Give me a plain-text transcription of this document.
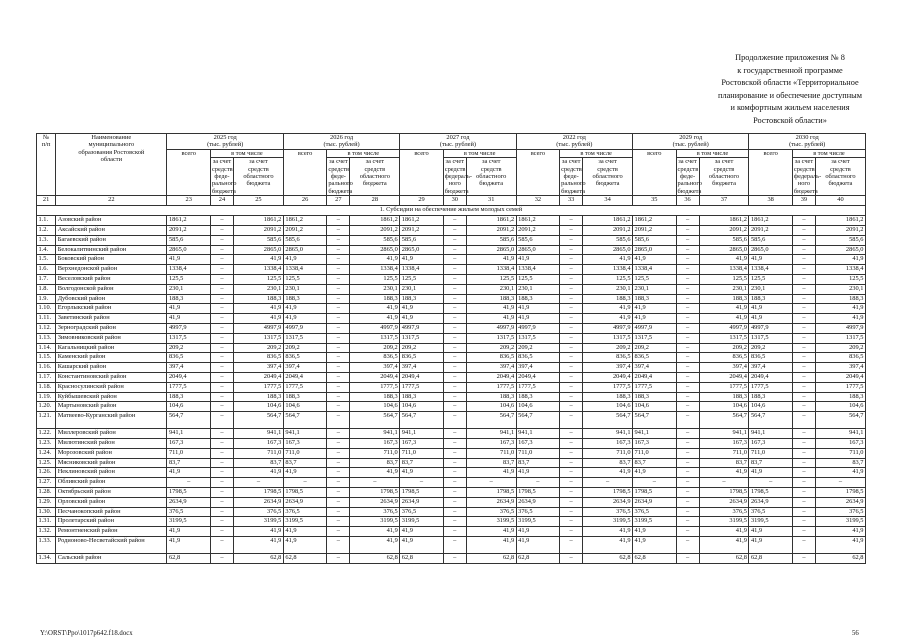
Продолжение приложения № 8
к государственной программе
Ростовской области «Территориальное
планирование и обеспечение доступным
и комфортным жильем населения
Ростовской области»
№
п/п	Наименование
муниципального
образования Ростовской
области	2025 год
(тыс. рублей)			2026 год
(тыс. рублей)			2027 год
(тыс. рублей)			2022 год
(тыс. рублей)			2029 год
(тыс. рублей)			2030 год
(тыс. рублей)		
		всего	в том числе		всего	в том числе		всего	в том числе		всего	в том числе		всего	в том числе		всего	в том числе	
			за счет
средств
феде-
рального
бюджета	за счет
средств
областного
бюджета		за счет
средств
феде-
рального
бюджета	за счет
средств
областного
бюджета		за счет
средств
федераль-
ного
бюджета	за счет
средств
областного
бюджета		за счет
средств
феде-
рального
бюджета	за счет
средств
областного
бюджета		за счет
средств
феде-
рального
бюджета	за счет
средств
областного
бюджета		за счет
средств
федераль-
ного
бюджета	за счет
средств
областного
бюджета
21	22	23	24	25	26	27	28	29	30	31	32	33	34	35	36	37	38	39	40
1. Субсидии на обеспечение жильем молодых семей																			
1.1.	Азовский район	1861,2	–	1861,2	1861,2	–	1861,2	1861,2	–	1861,2	1861,2	–	1861,2	1861,2	–	1861,2	1861,2	–	1861,2
1.2.	Аксайский район	2091,2	–	2091,2	2091,2	–	2091,2	2091,2	–	2091,2	2091,2	–	2091,2	2091,2	–	2091,2	2091,2	–	2091,2
1.3.	Багаевский район	585,6	–	585,6	585,6	–	585,6	585,6	–	585,6	585,6	–	585,6	585,6	–	585,6	585,6	–	585,6
1.4.	Белокалитвинский район	2865,0	–	2865,0	2865,0	–	2865,0	2865,0	–	2865,0	2865,0	–	2865,0	2865,0	–	2865,0	2865,0	–	2865,0
1.5.	Боковский район	41,9	–	41,9	41,9	–	41,9	41,9	–	41,9	41,9	–	41,9	41,9	–	41,9	41,9	–	41,9
1.6.	Верхнедонской район	1338,4	–	1338,4	1338,4	–	1338,4	1338,4	–	1338,4	1338,4	–	1338,4	1338,4	–	1338,4	1338,4	–	1338,4
1.7.	Веселовский район	125,5	–	125,5	125,5	–	125,5	125,5	–	125,5	125,5	–	125,5	125,5	–	125,5	125,5	–	125,5
1.8.	Волгодонской район	230,1	–	230,1	230,1	–	230,1	230,1	–	230,1	230,1	–	230,1	230,1	–	230,1	230,1	–	230,1
1.9.	Дубовский район	188,3	–	188,3	188,3	–	188,3	188,3	–	188,3	188,3	–	188,3	188,3	–	188,3	188,3	–	188,3
1.10.	Егорлыкский район	41,9	–	41,9	41,9	–	41,9	41,9	–	41,9	41,9	–	41,9	41,9	–	41,9	41,9	–	41,9
1.11.	Заветинский район	41,9	–	41,9	41,9	–	41,9	41,9	–	41,9	41,9	–	41,9	41,9	–	41,9	41,9	–	41,9
1.12.	Зерноградский район	4997,9	–	4997,9	4997,9	–	4997,9	4997,9	–	4997,9	4997,9	–	4997,9	4997,9	–	4997,9	4997,9	–	4997,9
1.13.	Зимовниковский район	1317,5	–	1317,5	1317,5	–	1317,5	1317,5	–	1317,5	1317,5	–	1317,5	1317,5	–	1317,5	1317,5	–	1317,5
1.14.	Кагальницкий район	209,2	–	209,2	209,2	–	209,2	209,2	–	209,2	209,2	–	209,2	209,2	–	209,2	209,2	–	209,2
1.15.	Каменский район	836,5	–	836,5	836,5	–	836,5	836,5	–	836,5	836,5	–	836,5	836,5	–	836,5	836,5	–	836,5
1.16.	Кашарский район	397,4	–	397,4	397,4	–	397,4	397,4	–	397,4	397,4	–	397,4	397,4	–	397,4	397,4	–	397,4
1.17.	Константиновский район	2049,4	–	2049,4	2049,4	–	2049,4	2049,4	–	2049,4	2049,4	–	2049,4	2049,4	–	2049,4	2049,4	–	2049,4
1.18.	Красносулинский район	1777,5	–	1777,5	1777,5	–	1777,5	1777,5	–	1777,5	1777,5	–	1777,5	1777,5	–	1777,5	1777,5	–	1777,5
1.19.	Куйбышевский район	188,3	–	188,3	188,3	–	188,3	188,3	–	188,3	188,3	–	188,3	188,3	–	188,3	188,3	–	188,3
1.20.	Мартыновский район	104,6	–	104,6	104,6	–	104,6	104,6	–	104,6	104,6	–	104,6	104,6	–	104,6	104,6	–	104,6
1.21.	Матвеево-Курганский район	564,7	–	564,7	564,7	–	564,7	564,7	–	564,7	564,7	–	564,7	564,7	–	564,7	564,7	–	564,7
1.22.	Миллеровский район	941,1	–	941,1	941,1	–	941,1	941,1	–	941,1	941,1	–	941,1	941,1	–	941,1	941,1	–	941,1
1.23.	Милютинский район	167,3	–	167,3	167,3	–	167,3	167,3	–	167,3	167,3	–	167,3	167,3	–	167,3	167,3	–	167,3
1.24.	Морозовский район	711,0	–	711,0	711,0	–	711,0	711,0	–	711,0	711,0	–	711,0	711,0	–	711,0	711,0	–	711,0
1.25.	Мясниковский район	83,7	–	83,7	83,7	–	83,7	83,7	–	83,7	83,7	–	83,7	83,7	–	83,7	83,7	–	83,7
1.26.	Неклиновский район	41,9	–	41,9	41,9	–	41,9	41,9	–	41,9	41,9	–	41,9	41,9	–	41,9	41,9	–	41,9
1.27.	Обливский район	–	–	–	–	–	–	–	–	–	–	–	–	–	–	–	–	–	–
1.28.	Октябрьский район	1798,5	–	1798,5	1798,5	–	1798,5	1798,5	–	1798,5	1798,5	–	1798,5	1798,5	–	1798,5	1798,5	–	1798,5
1.29.	Орловский район	2634,9	–	2634,9	2634,9	–	2634,9	2634,9	–	2634,9	2634,9	–	2634,9	2634,9	–	2634,9	2634,9	–	2634,9
1.30.	Песчанокопский район	376,5	–	376,5	376,5	–	376,5	376,5	–	376,5	376,5	–	376,5	376,5	–	376,5	376,5	–	376,5
1.31.	Пролетарский район	3199,5	–	3199,5	3199,5	–	3199,5	3199,5	–	3199,5	3199,5	–	3199,5	3199,5	–	3199,5	3199,5	–	3199,5
1.32.	Ремонтненский район	41,9	–	41,9	41,9	–	41,9	41,9	–	41,9	41,9	–	41,9	41,9	–	41,9	41,9	–	41,9
1.33.	Родионово-Несветайский район	41,9	–	41,9	41,9	–	41,9	41,9	–	41,9	41,9	–	41,9	41,9	–	41,9	41,9	–	41,9
1.34.	Сальский район	62,8	–	62,8	62,8	–	62,8	62,8	–	62,8	62,8	–	62,8	62,8	–	62,8	62,8	–	62,8
Y:\ORST\Ppo\1017p642.f18.docx	56
